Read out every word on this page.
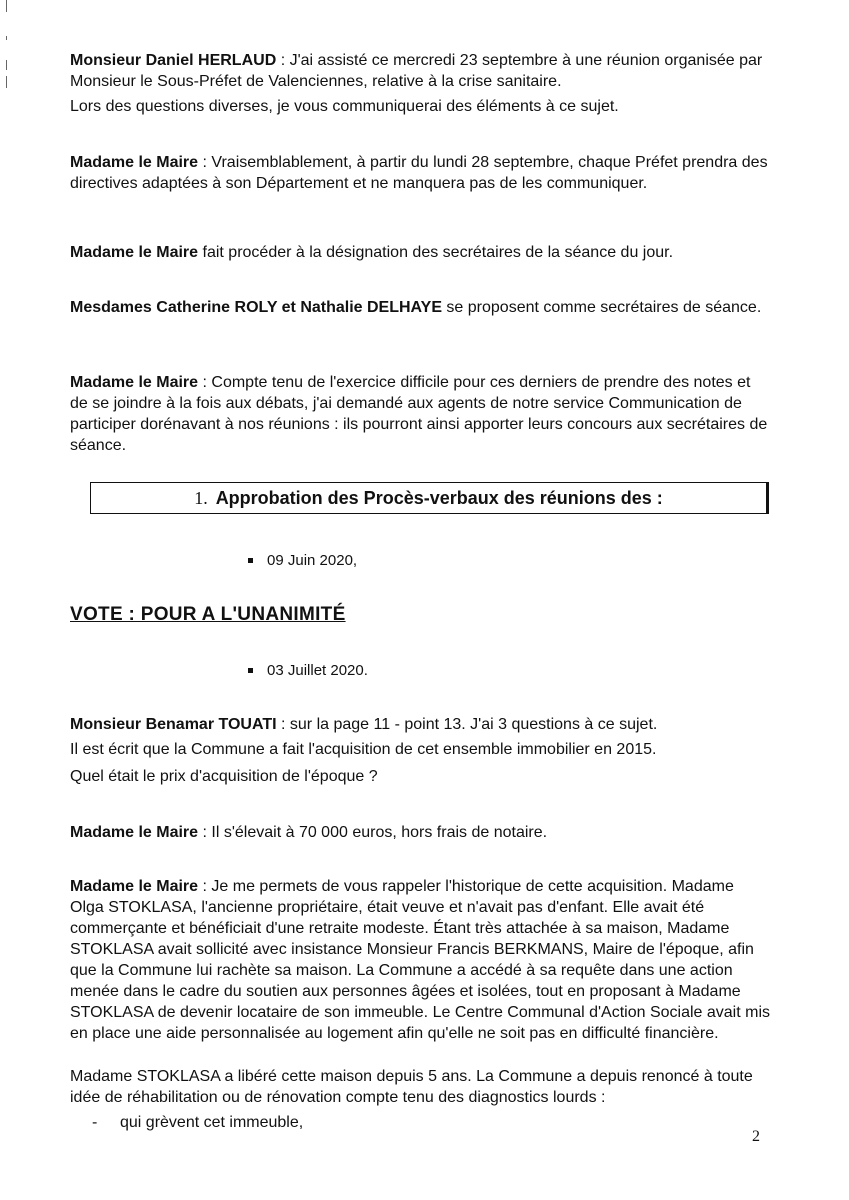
Monsieur Daniel HERLAUD : J'ai assisté ce mercredi 23 septembre à une réunion organisée par Monsieur le Sous-Préfet de Valenciennes, relative à la crise sanitaire.

Lors des questions diverses, je vous communiquerai des éléments à ce sujet.

Madame le Maire : Vraisemblablement, à partir du lundi 28 septembre, chaque Préfet prendra des directives adaptées à son Département et ne manquera pas de les communiquer.

Madame le Maire fait procéder à la désignation des secrétaires de la séance du jour.

Mesdames Catherine ROLY et Nathalie DELHAYE se proposent comme secrétaires de séance.

Madame le Maire : Compte tenu de l'exercice difficile pour ces derniers de prendre des notes et de se joindre à la fois aux débats, j'ai demandé aux agents de notre service Communication de participer dorénavant à nos réunions : ils pourront ainsi apporter leurs concours aux secrétaires de séance.

1. Approbation des Procès-verbaux des réunions des :
09 Juin 2020,
VOTE : POUR A L'UNANIMITÉ
03 Juillet 2020.

Monsieur Benamar TOUATI : sur la page 11 - point 13. J'ai 3 questions à ce sujet.

Il est écrit que la Commune a fait l'acquisition de cet ensemble immobilier en 2015.

Quel était le prix d'acquisition de l'époque ?

Madame le Maire : Il s'élevait à 70 000 euros, hors frais de notaire.

Madame le Maire : Je me permets de vous rappeler l'historique de cette acquisition. Madame Olga STOKLASA, l'ancienne propriétaire, était veuve et n'avait pas d'enfant. Elle avait été commerçante et bénéficiait d'une retraite modeste. Étant très attachée à sa maison, Madame STOKLASA avait sollicité avec insistance Monsieur Francis BERKMANS, Maire de l'époque, afin que la Commune lui rachète sa maison. La Commune a accédé à sa requête dans une action menée dans le cadre du soutien aux personnes âgées et isolées, tout en proposant à Madame STOKLASA de devenir locataire de son immeuble. Le Centre Communal d'Action Sociale avait mis en place une aide personnalisée au logement afin qu'elle ne soit pas en difficulté financière.

Madame STOKLASA a libéré cette maison depuis 5 ans. La Commune a depuis renoncé à toute idée de réhabilitation ou de rénovation compte tenu des diagnostics lourds :

- qui grèvent cet immeuble,
2
